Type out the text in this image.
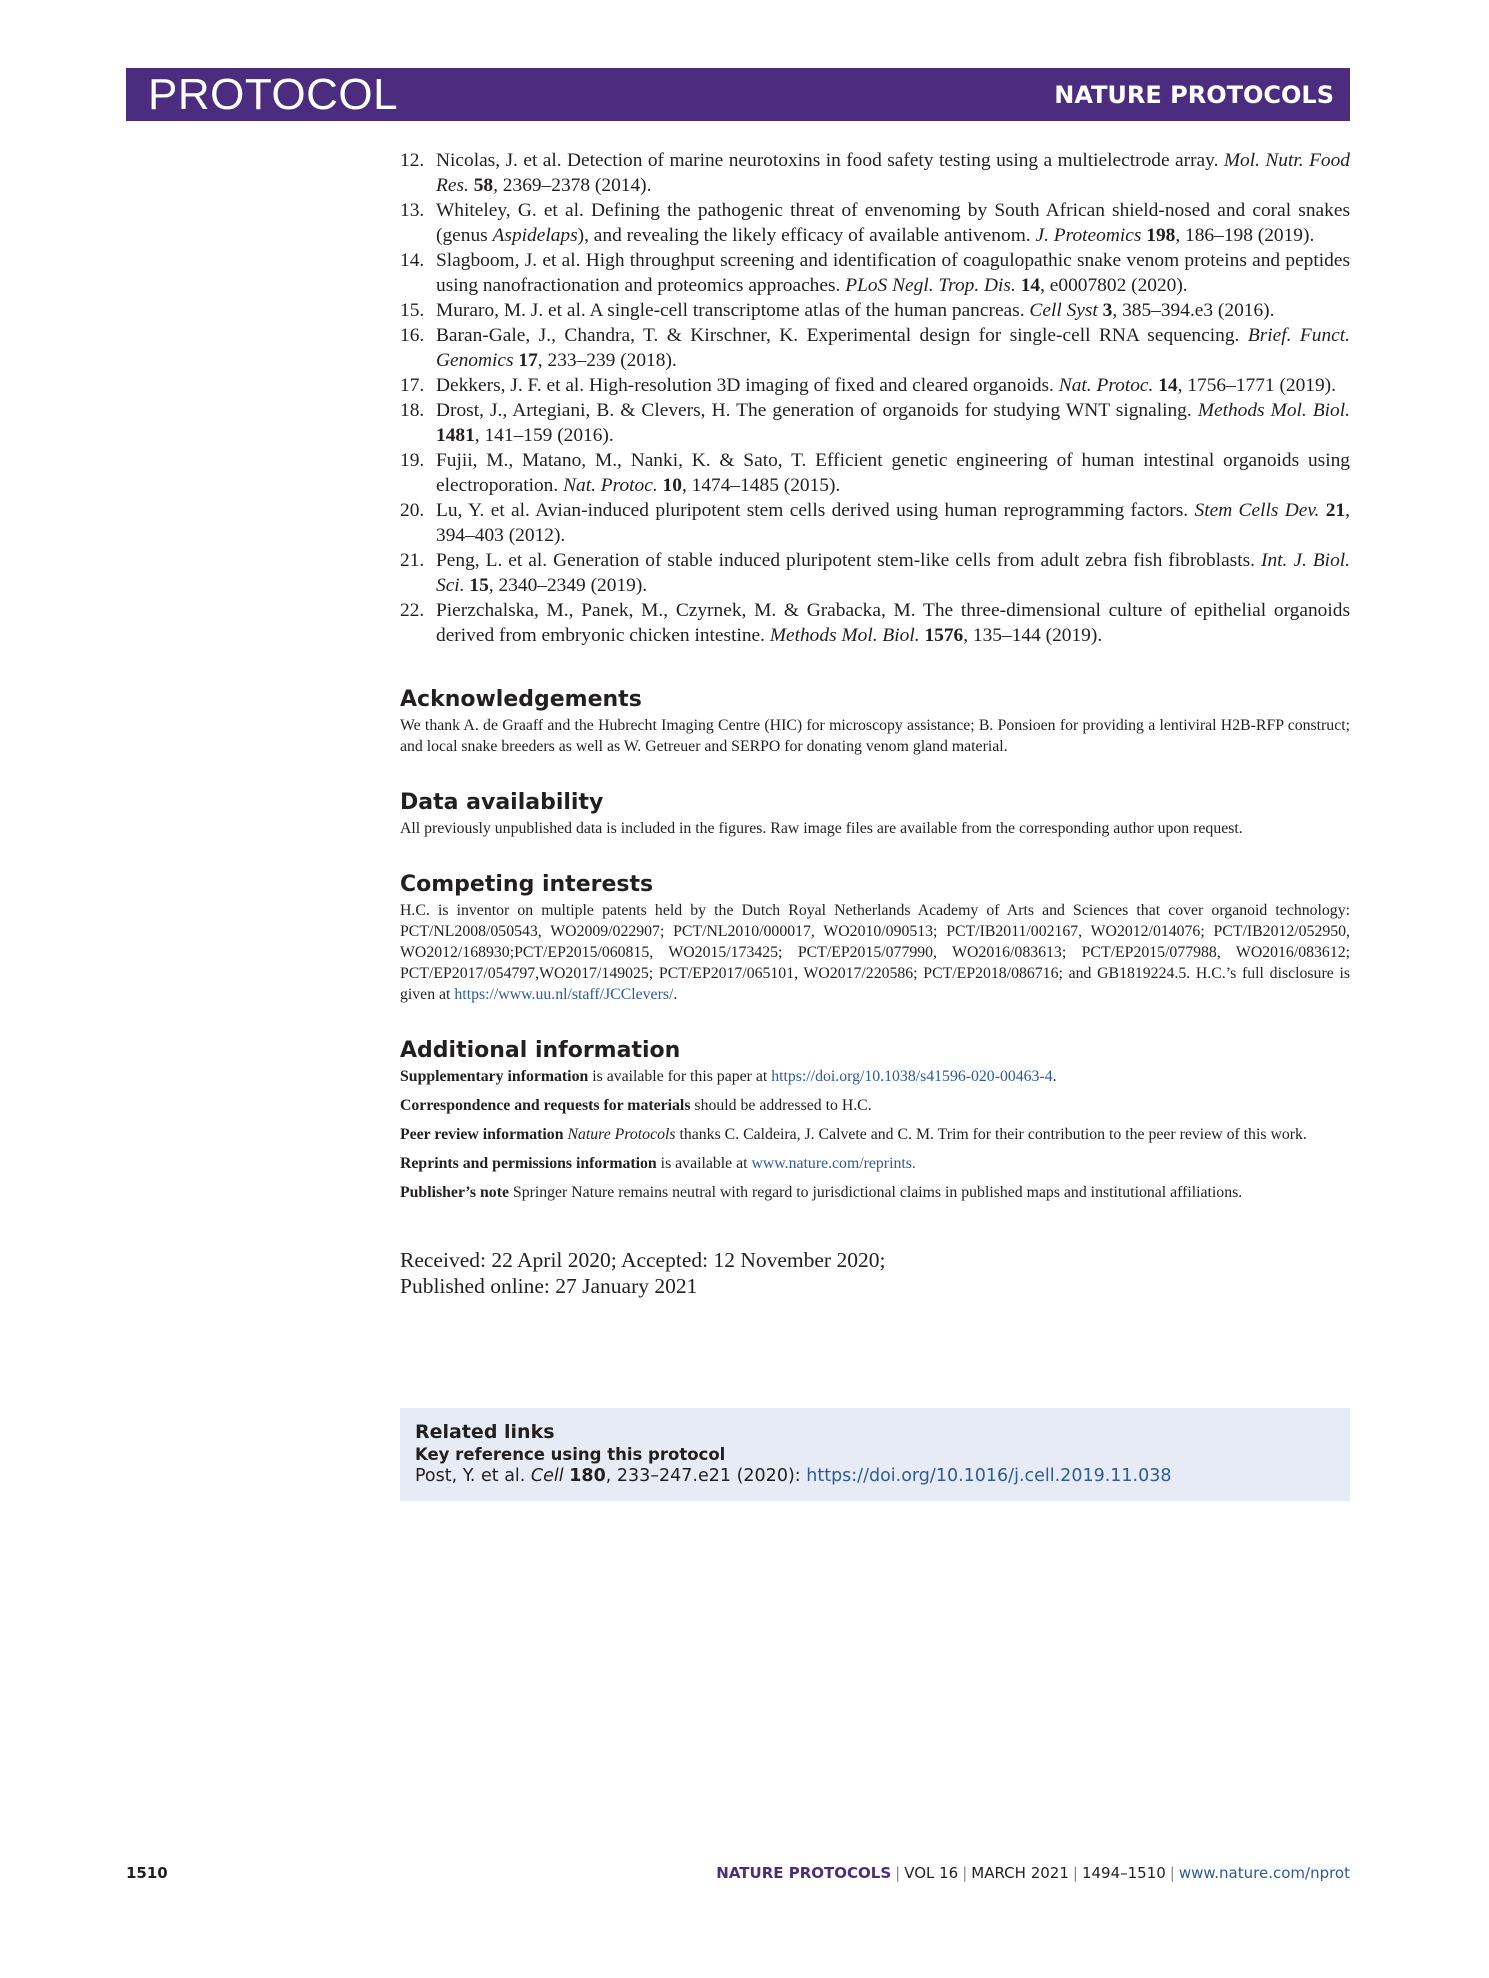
PROTOCOL	NATURE PROTOCOLS
12. Nicolas, J. et al. Detection of marine neurotoxins in food safety testing using a multielectrode array. Mol. Nutr. Food Res. 58, 2369–2378 (2014).
13. Whiteley, G. et al. Defining the pathogenic threat of envenoming by South African shield-nosed and coral snakes (genus Aspidelaps), and revealing the likely efficacy of available antivenom. J. Proteomics 198, 186–198 (2019).
14. Slagboom, J. et al. High throughput screening and identification of coagulopathic snake venom proteins and peptides using nanofractionation and proteomics approaches. PLoS Negl. Trop. Dis. 14, e0007802 (2020).
15. Muraro, M. J. et al. A single-cell transcriptome atlas of the human pancreas. Cell Syst 3, 385–394.e3 (2016).
16. Baran-Gale, J., Chandra, T. & Kirschner, K. Experimental design for single-cell RNA sequencing. Brief. Funct. Genomics 17, 233–239 (2018).
17. Dekkers, J. F. et al. High-resolution 3D imaging of fixed and cleared organoids. Nat. Protoc. 14, 1756–1771 (2019).
18. Drost, J., Artegiani, B. & Clevers, H. The generation of organoids for studying WNT signaling. Methods Mol. Biol. 1481, 141–159 (2016).
19. Fujii, M., Matano, M., Nanki, K. & Sato, T. Efficient genetic engineering of human intestinal organoids using electroporation. Nat. Protoc. 10, 1474–1485 (2015).
20. Lu, Y. et al. Avian-induced pluripotent stem cells derived using human reprogramming factors. Stem Cells Dev. 21, 394–403 (2012).
21. Peng, L. et al. Generation of stable induced pluripotent stem-like cells from adult zebra fish fibroblasts. Int. J. Biol. Sci. 15, 2340–2349 (2019).
22. Pierzchalska, M., Panek, M., Czyrnek, M. & Grabacka, M. The three-dimensional culture of epithelial organoids derived from embryonic chicken intestine. Methods Mol. Biol. 1576, 135–144 (2019).
Acknowledgements

We thank A. de Graaff and the Hubrecht Imaging Centre (HIC) for microscopy assistance; B. Ponsioen for providing a lentiviral H2B-RFP construct; and local snake breeders as well as W. Getreuer and SERPO for donating venom gland material.

Data availability

All previously unpublished data is included in the figures. Raw image files are available from the corresponding author upon request.

Competing interests

H.C. is inventor on multiple patents held by the Dutch Royal Netherlands Academy of Arts and Sciences that cover organoid technology: PCT/NL2008/050543, WO2009/022907; PCT/NL2010/000017, WO2010/090513; PCT/IB2011/002167, WO2012/014076; PCT/IB2012/052950, WO2012/168930;PCT/EP2015/060815, WO2015/173425; PCT/EP2015/077990, WO2016/083613; PCT/EP2015/077988, WO2016/083612; PCT/EP2017/054797,WO2017/149025; PCT/EP2017/065101, WO2017/220586; PCT/EP2018/086716; and GB1819224.5. H.C.’s full disclosure is given at https://www.uu.nl/staff/JCClevers/.

Additional information

Supplementary information is available for this paper at https://doi.org/10.1038/s41596-020-00463-4.

Correspondence and requests for materials should be addressed to H.C.

Peer review information Nature Protocols thanks C. Caldeira, J. Calvete and C. M. Trim for their contribution to the peer review of this work.

Reprints and permissions information is available at www.nature.com/reprints.

Publisher’s note Springer Nature remains neutral with regard to jurisdictional claims in published maps and institutional affiliations.

Received: 22 April 2020; Accepted: 12 November 2020;
Published online: 27 January 2021
Related links
Key reference using this protocol
Post, Y. et al. Cell 180, 233–247.e21 (2020): https://doi.org/10.1016/j.cell.2019.11.038
1510	NATURE PROTOCOLS | VOL 16 | MARCH 2021 | 1494–1510 | www.nature.com/nprot
